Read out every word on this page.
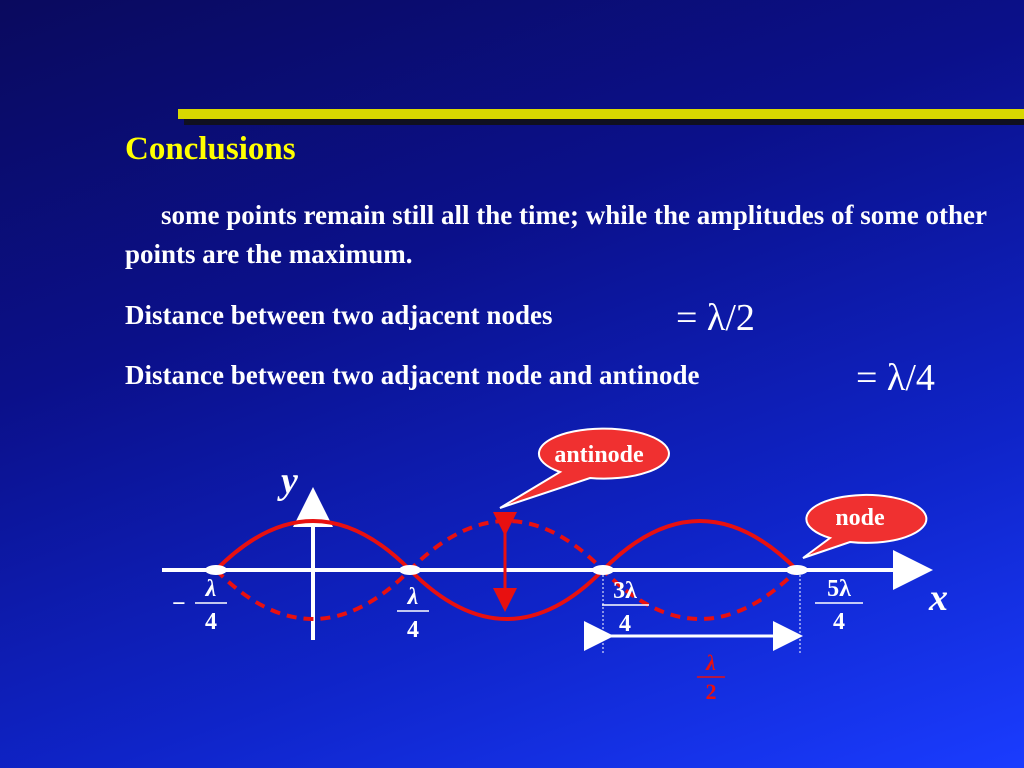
Conclusions
some points remain still all the time; while the amplitudes of some other points are the maximum.
Distance between two adjacent nodes	= λ/2
Distance between two adjacent node and antinode	= λ/4
y
x
−
λ
4
λ
4
3λ
4
5λ
4
λ
2
antinode
node
